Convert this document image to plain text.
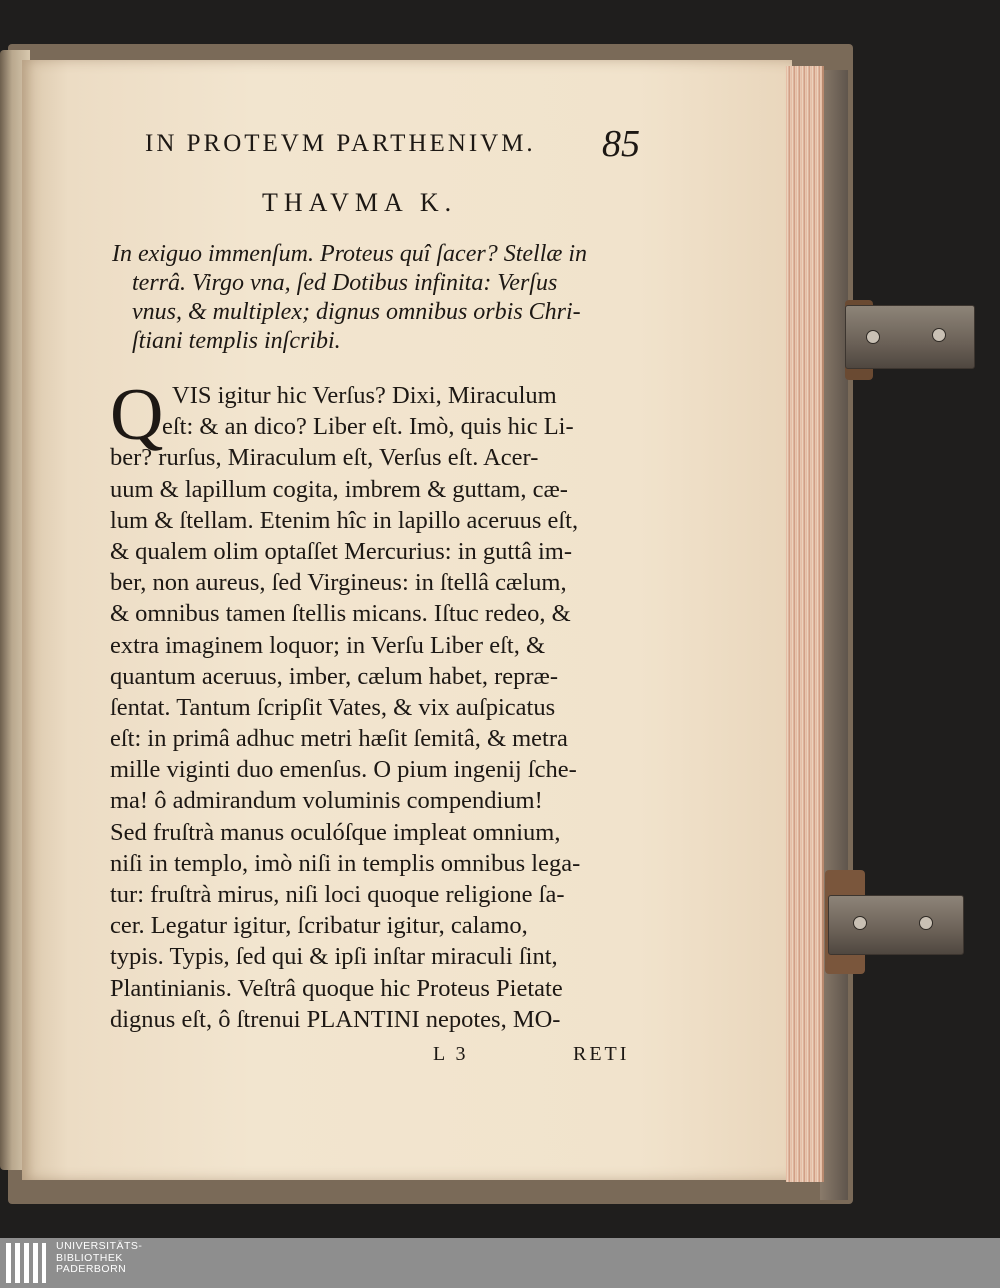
IN PROTEVM PARTHENIVM. 85
THAVMA K.
In exiguo immenſum. Proteus quî ſacer? Stellæ in
terrâ. Virgo vna, ſed Dotibus infinita: Verſus
vnus, & multiplex; dignus omnibus orbis Chri-
ſtiani templis inſcribi.
Q VIS igitur hic Verſus? Dixi, Miraculum
eſt: & an dico? Liber eſt. Imò, quis hic Li-
ber? rurſus, Miraculum eſt, Verſus eſt. Acer-
uum & lapillum cogita, imbrem & guttam, cæ-
lum & ſtellam. Etenim hîc in lapillo aceruus eſt,
& qualem olim optaſſet Mercurius: in guttâ im-
ber, non aureus, ſed Virgineus: in ſtellâ cælum,
& omnibus tamen ſtellis micans. Iſtuc redeo, &
extra imaginem loquor; in Verſu Liber eſt, &
quantum aceruus, imber, cælum habet, repræ-
ſentat. Tantum ſcripſit Vates, & vix auſpicatus
eſt: in primâ adhuc metri hæſit ſemitâ, & metra
mille viginti duo emenſus. O pium ingenij ſche-
ma! ô admirandum voluminis compendium!
Sed fruſtrà manus oculóſque impleat omnium,
niſi in templo, imò niſi in templis omnibus lega-
tur: fruſtrà mirus, niſi loci quoque religione ſa-
cer. Legatur igitur, ſcribatur igitur, calamo,
typis. Typis, ſed qui & ipſi inſtar miraculi ſint,
Plantinianis. Veſtrâ quoque hic Proteus Pietate
dignus eſt, ô ſtrenui PLANTINI nepotes, MO-
L 3	RETI
UNIVERSITÄTS-
BIBLIOTHEK
PADERBORN
